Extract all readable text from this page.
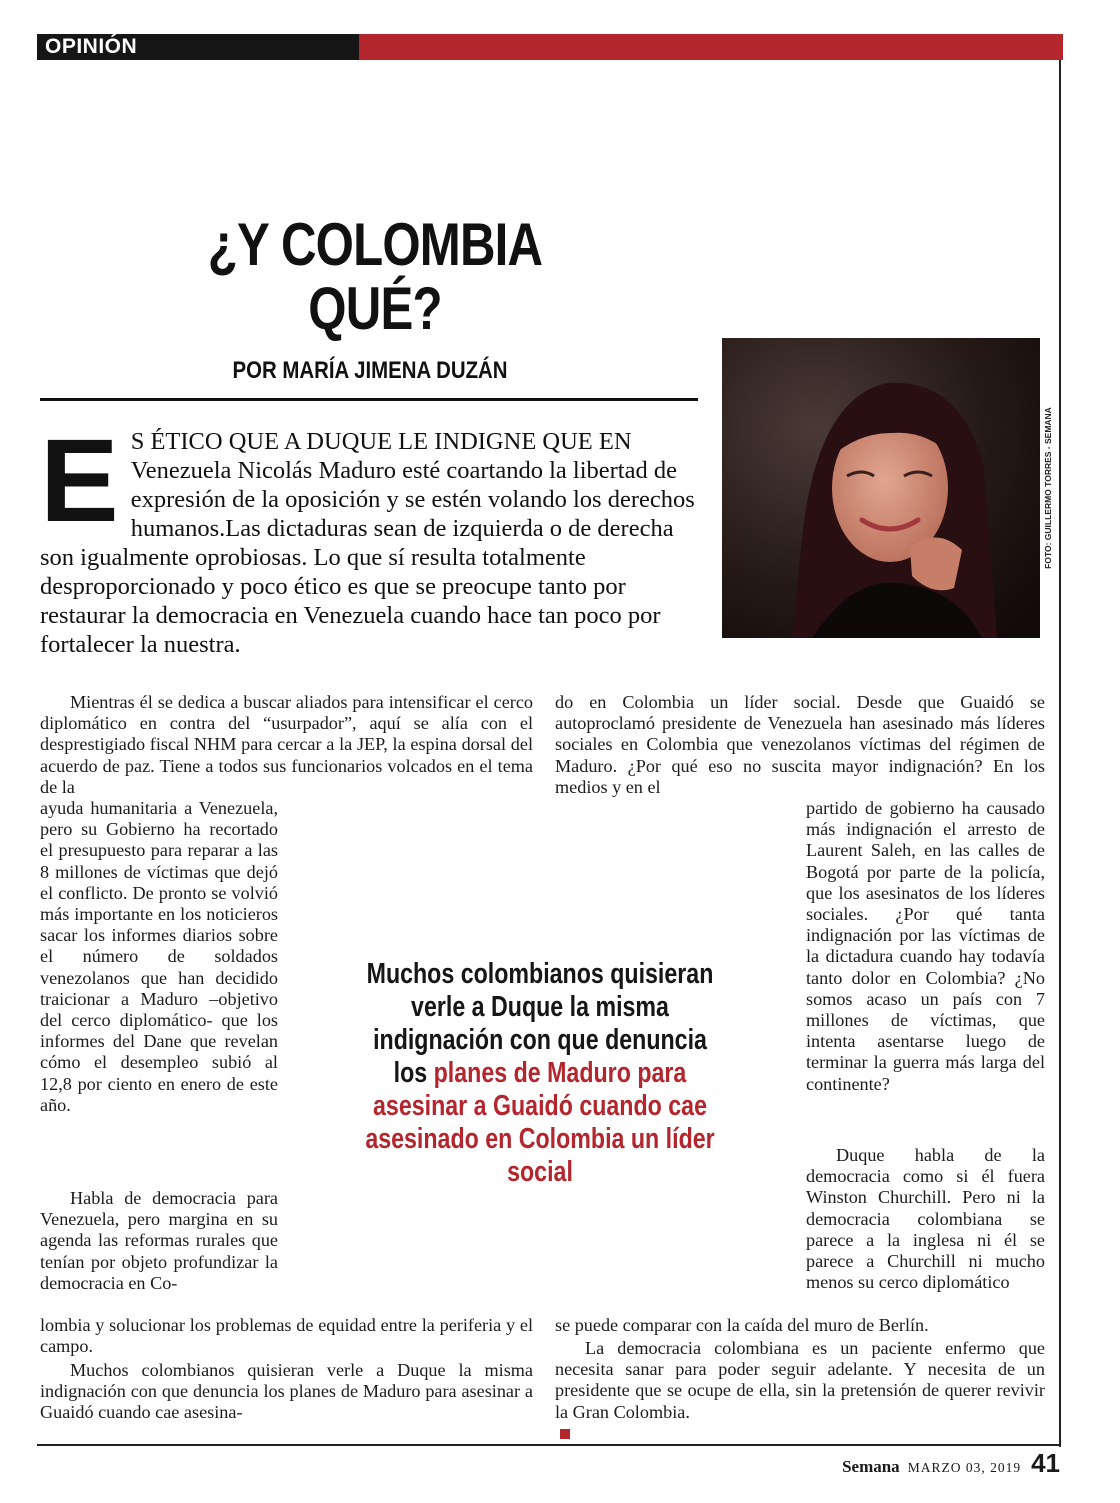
OPINIÓN
¿Y COLOMBIA
QUÉ?
POR MARÍA JIMENA DUZÁN
E S ÉTICO QUE A DUQUE LE INDIGNE QUE EN Venezuela Nicolás Maduro esté coartando la libertad de expresión de la oposición y se estén volando los derechos humanos.Las dictaduras sean de izquierda o de derecha son igualmente oprobiosas. Lo que sí resulta totalmente desproporcionado y poco ético es que se preocupe tanto por restaurar la democracia en Venezuela cuando hace tan poco por fortalecer la nuestra.
FOTO: GUILLERMO TORRES - SEMANA

Mientras él se dedica a buscar aliados para intensificar el cerco diplomático en contra del “usurpador”, aquí se alía con el desprestigiado fiscal NHM para cercar a la JEP, la espina dorsal del acuerdo de paz. Tiene a todos sus funcionarios volcados en el tema de la

ayuda humanitaria a Venezuela, pero su Gobierno ha recortado el presupuesto para reparar a las 8 millones de víctimas que dejó el conflicto. De pronto se volvió más importante en los noticieros sacar los informes diarios sobre el número de soldados venezolanos que han decidido traicionar a Maduro –objetivo del cerco diplomático- que los informes del Dane que revelan cómo el desempleo subió al 12,8 por ciento en enero de este año.

Habla de democracia para Venezuela, pero margina en su agenda las reformas rurales que tenían por objeto profundizar la democracia en Co-

lombia y solucionar los problemas de equidad entre la periferia y el campo.

Muchos colombianos quisieran verle a Duque la misma indignación con que denuncia los planes de Maduro para asesinar a Guaidó cuando cae asesina-

do en Colombia un líder social. Desde que Guaidó se autoproclamó presidente de Venezuela han asesinado más líderes sociales en Colombia que venezolanos víctimas del régimen de Maduro. ¿Por qué eso no suscita mayor indignación? En los medios y en el

partido de gobierno ha causado más indignación el arresto de Laurent Saleh, en las calles de Bogotá por parte de la policía, que los asesinatos de los líderes sociales. ¿Por qué tanta indignación por las víctimas de la dictadura cuando hay todavía tanto dolor en Colombia? ¿No somos acaso un país con 7 millones de víctimas, que intenta asentarse luego de terminar la guerra más larga del continente?

Duque habla de la democracia como si él fuera Winston Churchill. Pero ni la democracia colombiana se parece a la inglesa ni él se parece a Churchill ni mucho menos su cerco diplomático

se puede comparar con la caída del muro de Berlín.

La democracia colombiana es un paciente enfermo que necesita sanar para poder seguir adelante. Y necesita de un presidente que se ocupe de ella, sin la pretensión de querer revivir la Gran Colombia.

Muchos colombianos quisieran verle a Duque la misma indignación con que denuncia los planes de Maduro para asesinar a Guaidó cuando cae asesinado en Colombia un líder social
Semana MARZO 03, 2019 41
